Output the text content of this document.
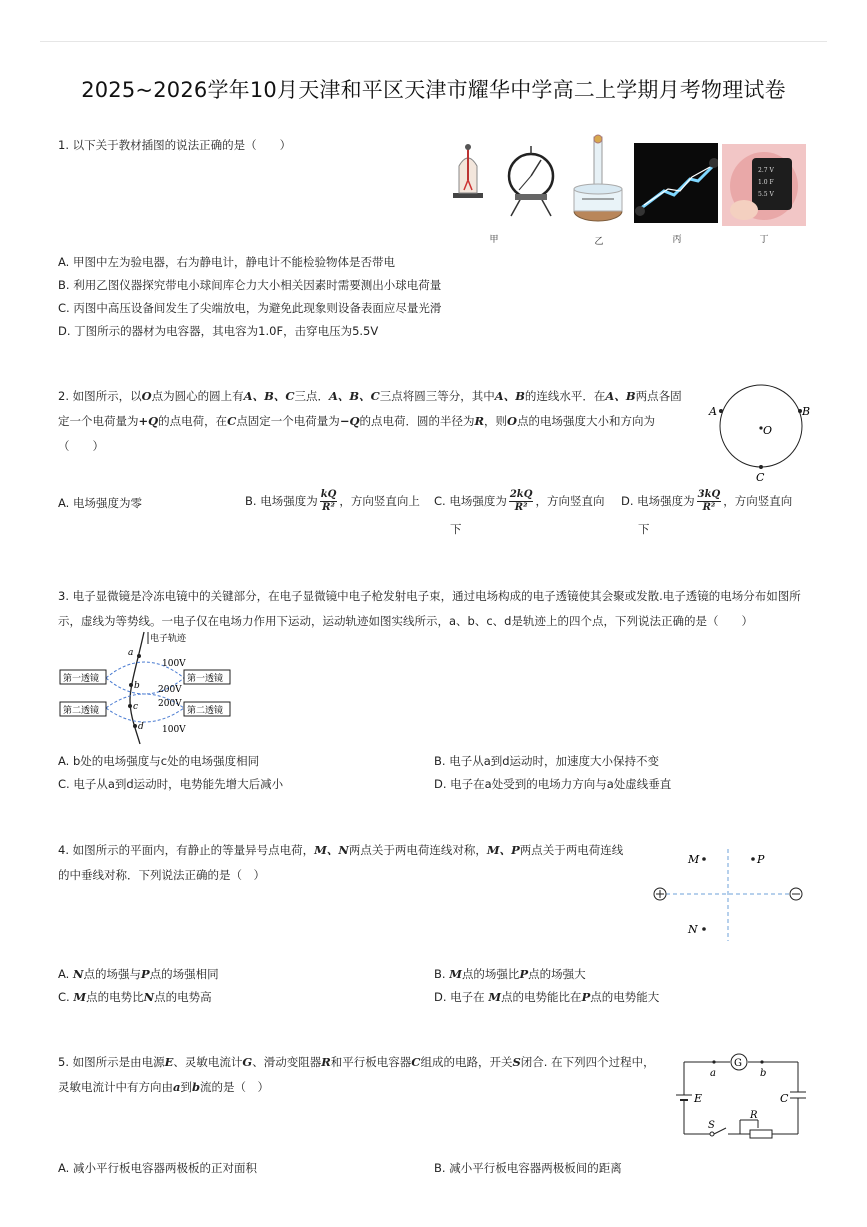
2025~2026学年10月天津和平区天津市耀华中学高二上学期月考物理试卷
1. 以下关于教材插图的说法正确的是（　　）
2.7 V
1.0 F
5.5 V
甲	乙	丙	丁
A. 甲图中左为验电器，右为静电计，静电计不能检验物体是否带电
B. 利用乙图仪器探究带电小球间库仑力大小相关因素时需要测出小球电荷量
C. 丙图中高压设备间发生了尖端放电，为避免此现象则设备表面应尽量光滑
D. 丁图所示的器材为电容器，其电容为1.0F，击穿电压为5.5V
2. 如图所示，以O点为圆心的圆上有A、B、C三点．A、B、C三点将圆三等分，其中A、B的连线水平．在A、B两点各固
定一个电荷量为+Q的点电荷，在C点固定一个电荷量为−Q的点电荷．圆的半径为R，则O点的电场强度大小和方向为
（　　）
A	B
O
C
A. 电场强度为零	B. 电场强度为 $\frac{kQ}{\text{R²}}$ ，方向竖直向上 C. 电场强度为 $\frac{2kQ}{\text{R²}}$ ，方向竖直向
下
D. 电场强度为 $\frac{3kQ}{\text{R²}}$ ，方向竖直向
下
3. 电子显微镜是冷冻电镜中的关键部分，在电子显微镜中电子枪发射电子束，通过电场构成的电子透镜使其会聚或发散.电子透镜的电场分布如图所
示，虚线为等势线。一电子仅在电场力作用下运动，运动轨迹如图实线所示，a、b、c、d是轨迹上的四个点，下列说法正确的是（　　）
电子轨迹
第一透镜	第一透镜
第二透镜	第二透镜
100V
200V
200V
100V
a
b
c
d
A. b处的电场强度与c处的电场强度相同	B. 电子从a到d运动时，加速度大小保持不变
C. 电子从a到d运动时，电势能先增大后减小	D. 电子在a处受到的电场力方向与a处虚线垂直
4. 如图所示的平面内，有静止的等量异号点电荷，M、N两点关于两电荷连线对称，M、P两点关于两电荷连线
的中垂线对称．下列说法正确的是（　）
M	P
N
A. N点的场强与P点的场强相同	B. M点的场强比P点的场强大
C. M点的电势比N点的电势高	D. 电子在 M点的电势能比在P点的电势能大
5. 如图所示是由电源E、灵敏电流计G、滑动变阻器R和平行板电容器C组成的电路，开关S闭合. 在下列四个过程中，
灵敏电流计中有方向由a到b流的是（　）
G
a	b
E	C
S
R
A. 减小平行板电容器两极板的正对面积	B. 减小平行板电容器两极板间的距离
